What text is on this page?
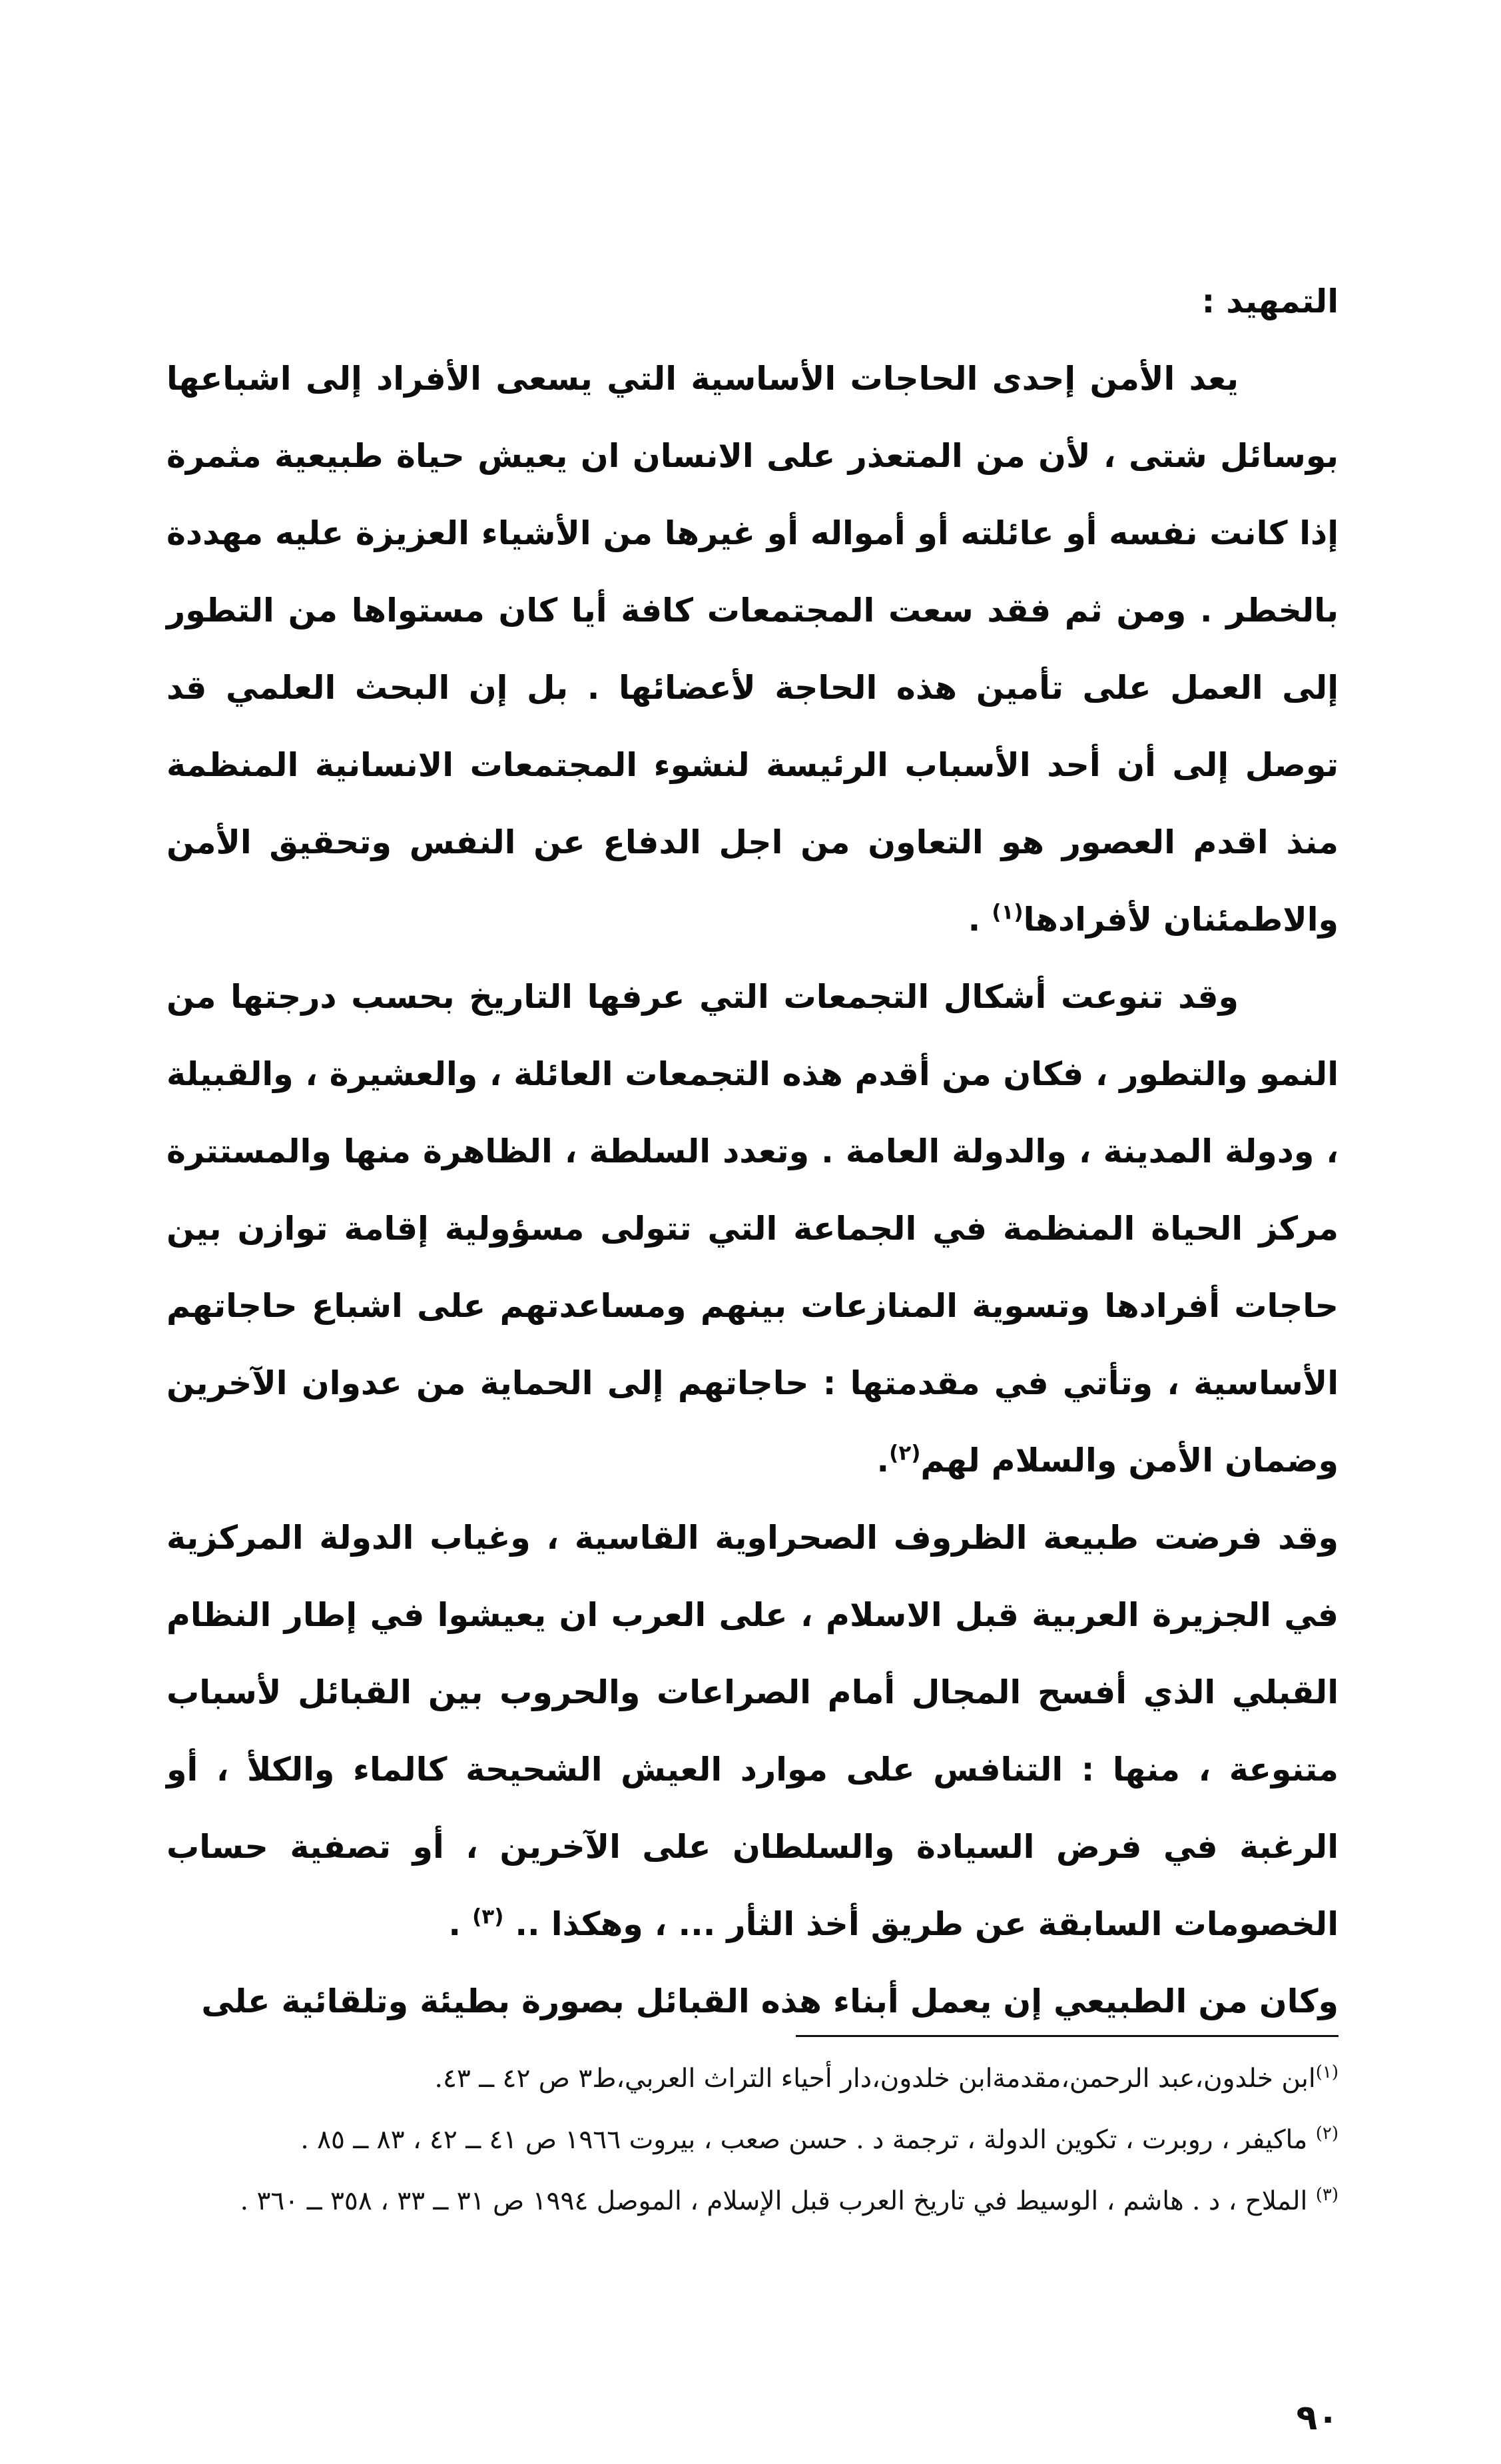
التمهيد :

يعد الأمن إحدى الحاجات الأساسية التي يسعى الأفراد إلى اشباعها بوسائل شتى ، لأن من المتعذر على الانسان ان يعيش حياة طبيعية مثمرة إذا كانت نفسه أو عائلته أو أمواله أو غيرها من الأشياء العزيزة عليه مهددة بالخطر . ومن ثم فقد سعت المجتمعات كافة أيا كان مستواها من التطور إلى العمل على تأمين هذه الحاجة لأعضائها . بل إن البحث العلمي قد توصل إلى أن أحد الأسباب الرئيسة لنشوء المجتمعات الانسانية المنظمة منذ اقدم العصور هو التعاون من اجل الدفاع عن النفس وتحقيق الأمن والاطمئنان لأفرادها$^{(١)}$ .

وقد تنوعت أشكال التجمعات التي عرفها التاريخ بحسب درجتها من النمو والتطور ، فكان من أقدم هذه التجمعات العائلة ، والعشيرة ، والقبيلة ، ودولة المدينة ، والدولة العامة . وتعدد السلطة ، الظاهرة منها والمستترة مركز الحياة المنظمة في الجماعة التي تتولى مسؤولية إقامة توازن بين حاجات أفرادها وتسوية المنازعات بينهم ومساعدتهم على اشباع حاجاتهم الأساسية ، وتأتي في مقدمتها : حاجاتهم إلى الحماية من عدوان الآخرين وضمان الأمن والسلام لهم$^{(٢)}$.

وقد فرضت طبيعة الظروف الصحراوية القاسية ، وغياب الدولة المركزية في الجزيرة العربية قبل الاسلام ، على العرب ان يعيشوا في إطار النظام القبلي الذي أفسح المجال أمام الصراعات والحروب بين القبائل لأسباب متنوعة ، منها : التنافس على موارد العيش الشحيحة كالماء والكلأ ، أو الرغبة في فرض السيادة والسلطان على الآخرين ، أو تصفية حساب الخصومات السابقة عن طريق أخذ الثأر ... ، وهكذا .. $^{(٣)}$ .

وكان من الطبيعي إن يعمل أبناء هذه القبائل بصورة بطيئة وتلقائية على

$^{(١)}$ابن خلدون،عبد الرحمن،مقدمةابن خلدون،دار أحياء التراث العربي،ط٣ ص ٤٢ ــ ٤٣.

$^{(٢)}$ ماكيفر ، روبرت ، تكوين الدولة ، ترجمة د . حسن صعب ، بيروت ١٩٦٦ ص ٤١ ــ ٤٢ ، ٨٣ ــ ٨٥ .

$^{(٣)}$ الملاح ، د . هاشم ، الوسيط في تاريخ العرب قبل الإسلام ، الموصل ١٩٩٤ ص ٣١ ــ ٣٣ ، ٣٥٨ ــ ٣٦٠ .

٩٠
